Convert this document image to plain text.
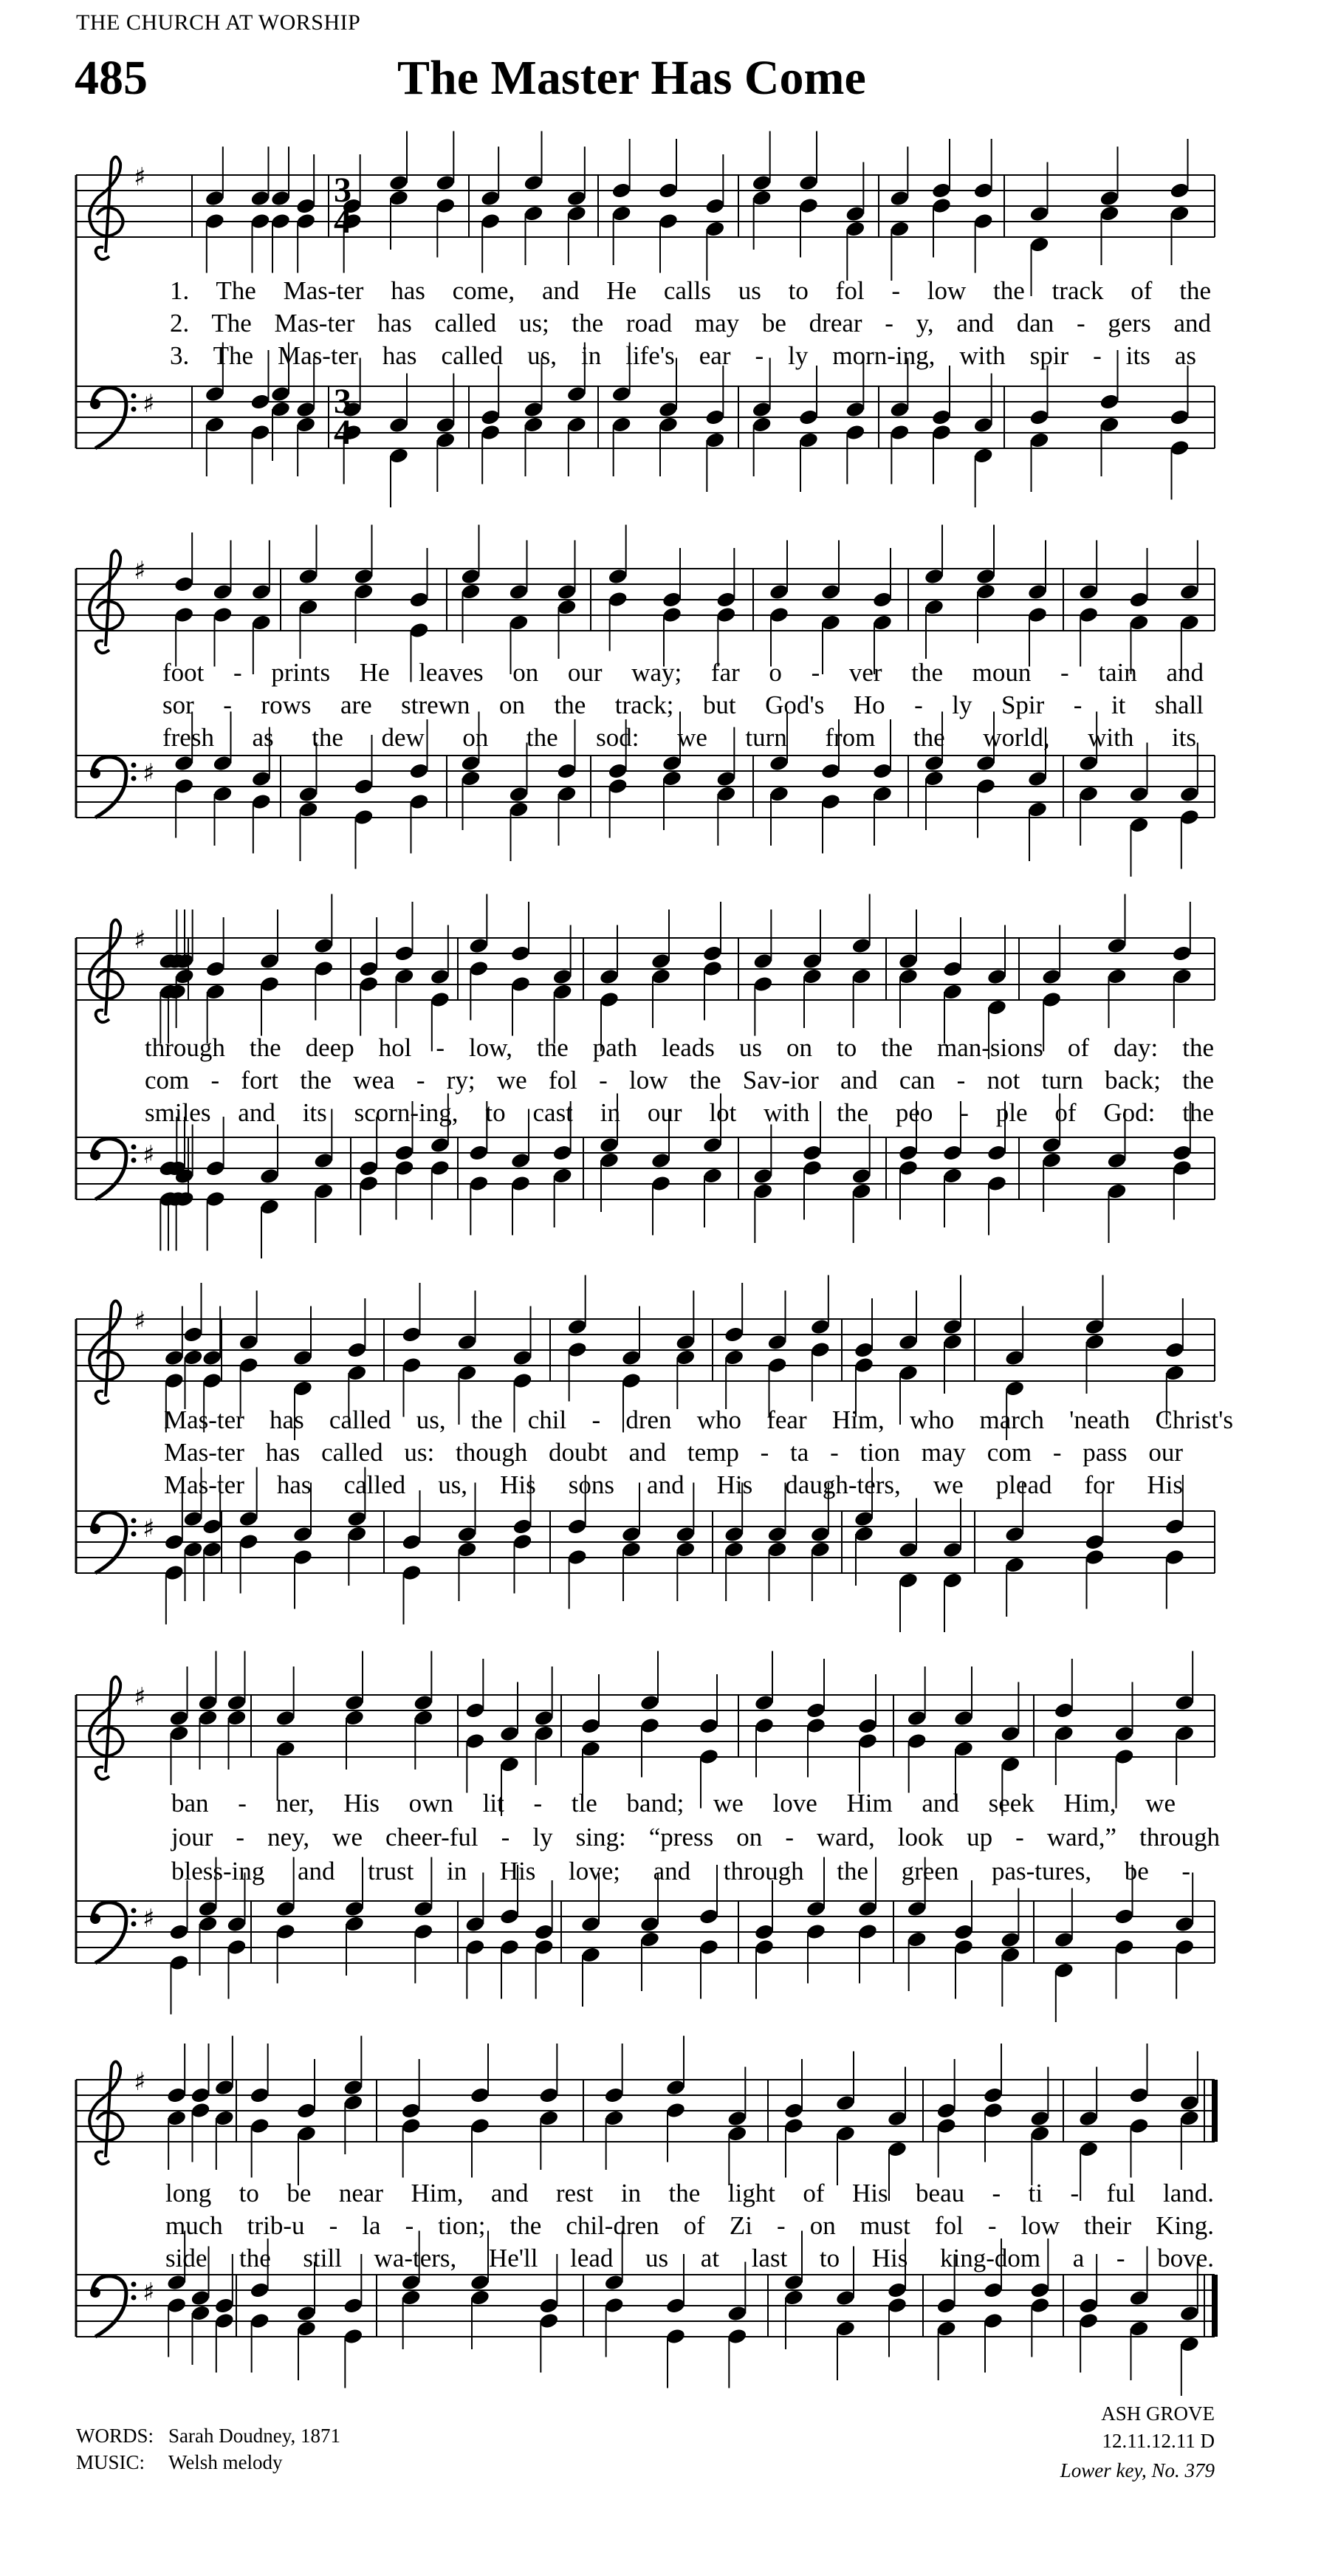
THE CHURCH AT WORSHIP
485	The Master Has Come
♯
♯
♯
♯
♯
♯
♯
♯
♯
♯
♯
♯
3
4
3
4
1. The Mas-ter has come, and He calls us to fol - low the track of the
2. The Mas-ter has called us; the road may be drear - y, and dan - gers and
3. The Mas-ter has called us, in life's ear - ly morn-ing, with spir - its as
foot - prints He leaves on our way; far o - ver the moun - tain and
sor - rows are strewn on the track; but God's Ho - ly Spir - it shall
fresh as the dew on the sod: we turn from the world, with its
through the deep hol - low, the path leads us on to the man-sions of day: the
com - fort the wea - ry; we fol - low the Sav-ior and can - not turn back; the
smiles and its scorn-ing, to cast in our lot with the peo - ple of God: the
Mas-ter has called us, the chil - dren who fear Him, who march 'neath Christ's
Mas-ter has called us: though doubt and temp - ta - tion may com - pass our
Mas-ter has called us, His sons and His daugh-ters, we plead for His
ban - ner, His own lit - tle band; we love Him and seek Him, we
jour - ney, we cheer-ful - ly sing: “press on - ward, look up - ward,” through
bless-ing and trust in His love; and through the green pas-tures, be -
long to be near Him, and rest in the light of His beau - ti - ful land.
much trib-u - la - tion; the chil-dren of Zi - on must fol - low their King.
side the still wa-ters, He'll lead us at last to His king-dom a - bove.
WORDS: Sarah Doudney, 1871
MUSIC: Welsh melody
ASH GROVE
12.11.12.11 D
Lower key, No. 379
